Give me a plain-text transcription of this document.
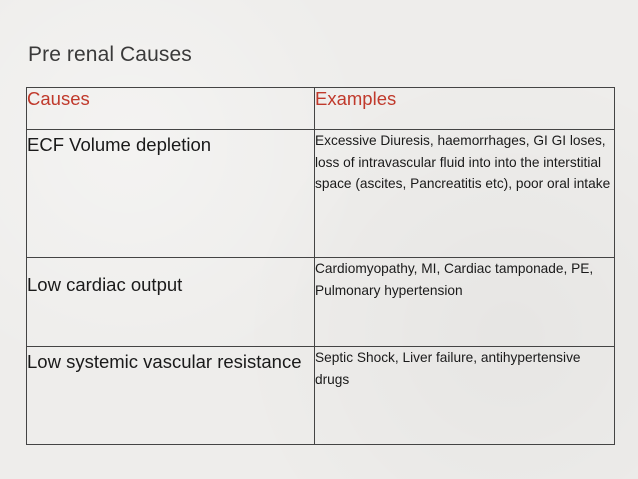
Pre renal Causes
Causes	Examples
ECF Volume depletion	Excessive Diuresis, haemorrhages, GI GI loses, loss of intravascular fluid into into the interstitial space (ascites, Pancreatitis etc), poor oral intake
Low cardiac output	Cardiomyopathy, MI, Cardiac tamponade, PE, Pulmonary hypertension
Low systemic vascular resistance	Septic Shock, Liver failure, antihypertensive drugs
